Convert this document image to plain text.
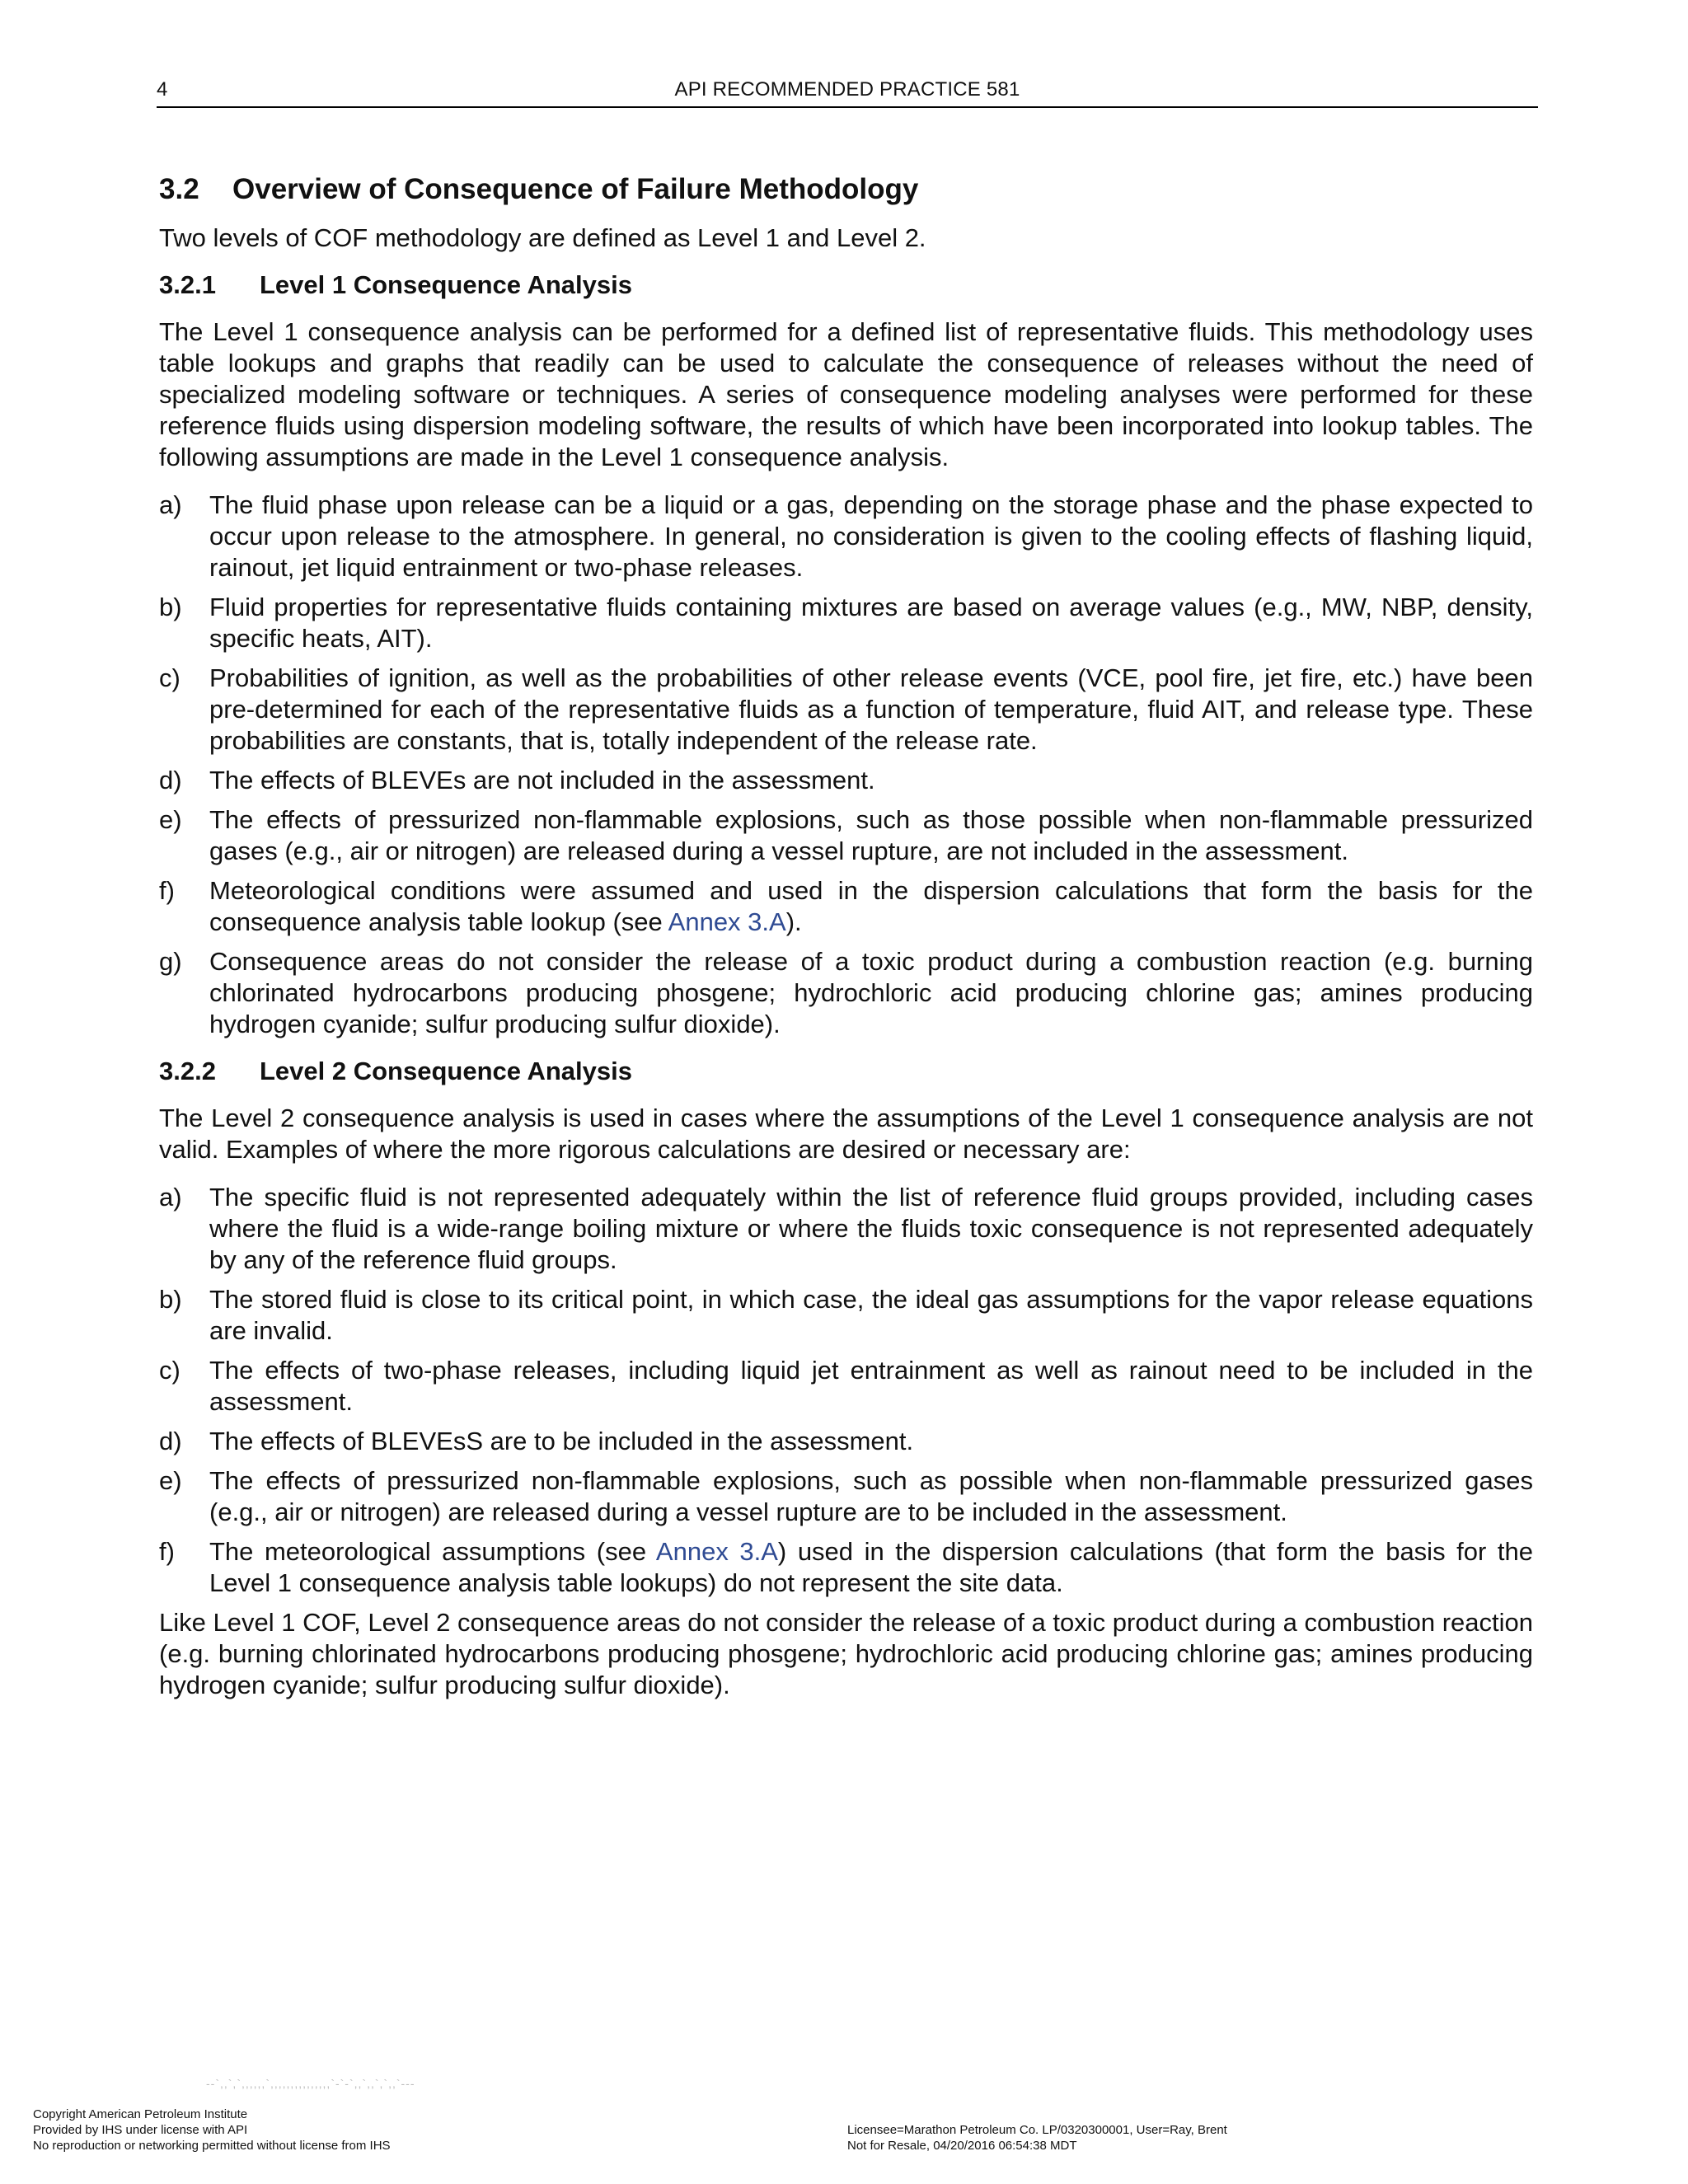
4	API RECOMMENDED PRACTICE 581
3.2	Overview of Consequence of Failure Methodology

Two levels of COF methodology are defined as Level 1 and Level 2.

3.2.1	Level 1 Consequence Analysis

The Level 1 consequence analysis can be performed for a defined list of representative fluids. This methodology uses table lookups and graphs that readily can be used to calculate the consequence of releases without the need of specialized modeling software or techniques. A series of consequence modeling analyses were performed for these reference fluids using dispersion modeling software, the results of which have been incorporated into lookup tables. The following assumptions are made in the Level 1 consequence analysis.

a)	The fluid phase upon release can be a liquid or a gas, depending on the storage phase and the phase expected to occur upon release to the atmosphere. In general, no consideration is given to the cooling effects of flashing liquid, rainout, jet liquid entrainment or two-phase releases.
b)	Fluid properties for representative fluids containing mixtures are based on average values (e.g., MW, NBP, density, specific heats, AIT).
c)	Probabilities of ignition, as well as the probabilities of other release events (VCE, pool fire, jet fire, etc.) have been pre-determined for each of the representative fluids as a function of temperature, fluid AIT, and release type. These probabilities are constants, that is, totally independent of the release rate.
d)	The effects of BLEVEs are not included in the assessment.
e)	The effects of pressurized non-flammable explosions, such as those possible when non-flammable pressurized gases (e.g., air or nitrogen) are released during a vessel rupture, are not included in the assessment.
f)	Meteorological conditions were assumed and used in the dispersion calculations that form the basis for the consequence analysis table lookup (see Annex 3.A).
g)	Consequence areas do not consider the release of a toxic product during a combustion reaction (e.g. burning chlorinated hydrocarbons producing phosgene; hydrochloric acid producing chlorine gas; amines producing hydrogen cyanide; sulfur producing sulfur dioxide).
3.2.2	Level 2 Consequence Analysis

The Level 2 consequence analysis is used in cases where the assumptions of the Level 1 consequence analysis are not valid. Examples of where the more rigorous calculations are desired or necessary are:

a)	The specific fluid is not represented adequately within the list of reference fluid groups provided, including cases where the fluid is a wide-range boiling mixture or where the fluids toxic consequence is not represented adequately by any of the reference fluid groups.
b)	The stored fluid is close to its critical point, in which case, the ideal gas assumptions for the vapor release equations are invalid.
c)	The effects of two-phase releases, including liquid jet entrainment as well as rainout need to be included in the assessment.
d)	The effects of BLEVEsS are to be included in the assessment.
e)	The effects of pressurized non-flammable explosions, such as possible when non-flammable pressurized gases (e.g., air or nitrogen) are released during a vessel rupture are to be included in the assessment.
f)	The meteorological assumptions (see Annex 3.A) used in the dispersion calculations (that form the basis for the Level 1 consequence analysis table lookups) do not represent the site data.

Like Level 1 COF, Level 2 consequence areas do not consider the release of a toxic product during a combustion reaction (e.g. burning chlorinated hydrocarbons producing phosgene; hydrochloric acid producing chlorine gas; amines producing hydrogen cyanide; sulfur producing sulfur dioxide).

--`,,`,`,,,,,,`,,,,,,,,,,,,,,,`-`-`,,`,,`,`,,`---
Copyright American Petroleum Institute
Provided by IHS under license with API
No reproduction or networking permitted without license from IHS
Licensee=Marathon Petroleum Co. LP/0320300001, User=Ray, Brent
Not for Resale, 04/20/2016 06:54:38 MDT
